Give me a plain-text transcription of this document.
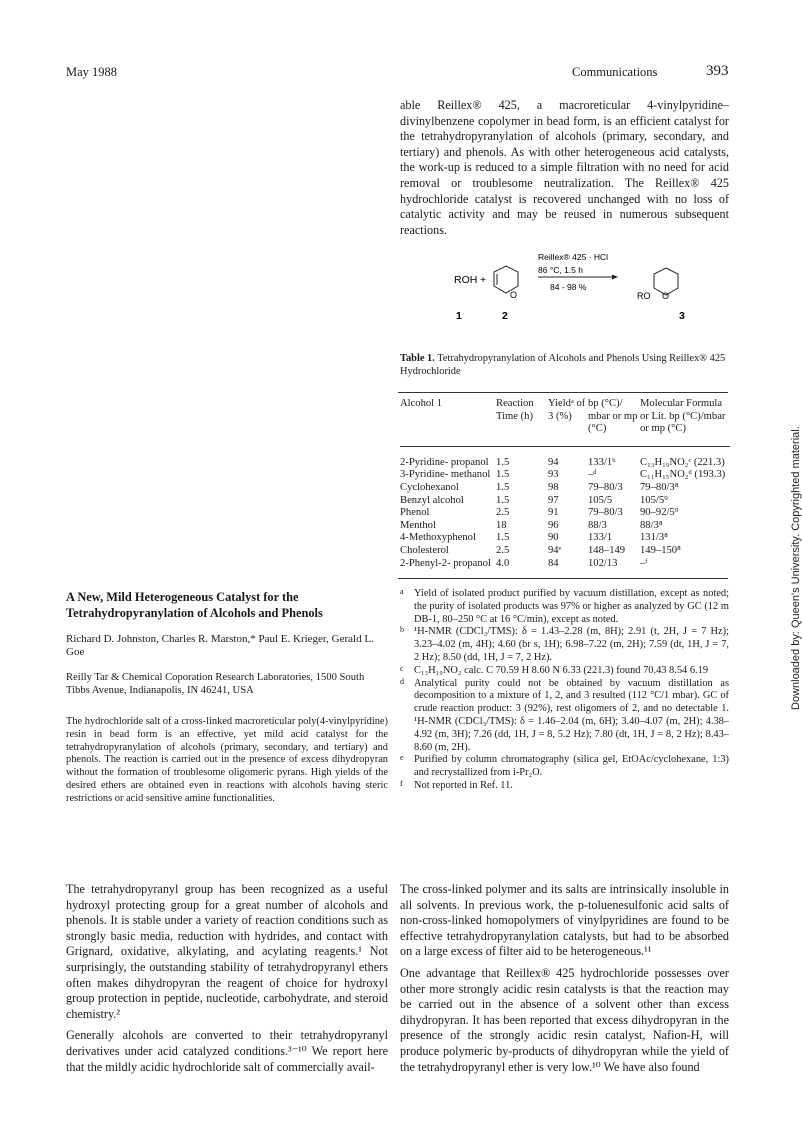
May 1988	Communications	393
Downloaded by: Queen's University. Copyrighted material.
able Reillex® 425, a macroreticular 4-vinylpyridine–divinylbenzene copolymer in bead form, is an efficient catalyst for the tetrahydropyranylation of alcohols (primary, secondary, and tertiary) and phenols. As with other heterogeneous acid catalysts, the work-up is reduced to a simple filtration with no need for acid removal or troublesome neutralization. The Reillex® 425 hydrochloride catalyst is recovered unchanged with no loss of catalytic activity and may be reused in numerous subsequent reactions.
ROH +
O
Reillex® 425 · HCl
86 °C, 1.5 h
84 - 98 %
RO O
1	2	3
Table 1. Tetrahydropyranylation of Alcohols and Phenols Using Reillex® 425 Hydrochloride
Alcohol 1	Reaction Time (h)	Yieldᵃ of 3 (%)	bp (°C)/ mbar or mp (°C)	Molecular Formula or Lit. bp (°C)/mbar or mp (°C)

2-Pyridine- propanol	1.5	94	133/1ᵇ	C₁₃H₁₉NO₂ᶜ (221.3)
3-Pyridine- methanol	1.5	93	–ᵈ	C₁₁H₁₅NO₂ᵈ (193.3)
Cyclohexanol	1.5	98	79–80/3	79–80/3⁸
Benzyl alcohol	1.5	97	105/5	105/5⁹
Phenol	2.5	91	79–80/3	90–92/5⁹
Menthol	18	96	88/3	88/3⁸
4-Methoxyphenol	1.5	90	133/1	131/3⁸
Cholesterol	2.5	94ᵉ	148–149	149–150⁸
2-Phenyl-2- propanol	4.0	84	102/13	–ᶠ
a Yield of isolated product purified by vacuum distillation, except as noted; the purity of isolated products was 97% or higher as analyzed by GC (12 m DB-1, 80–250 °C at 16 °C/min), except as noted.
b ¹H-NMR (CDCl₃/TMS): δ = 1.43–2.28 (m, 8H); 2.91 (t, 2H, J = 7 Hz); 3.23–4.02 (m, 4H); 4.60 (br s, 1H); 6.98–7.22 (m, 2H); 7.59 (dt, 1H, J = 7, 2 Hz); 8.50 (dd, 1H, J = 7, 2 Hz).
c C₁₃H₁₉NO₂ calc. C 70.59 H 8.60 N 6.33 (221.3) found 70.43 8.54 6.19
d Analytical purity could not be obtained by vacuum distillation as decomposition to a mixture of 1, 2, and 3 resulted (112 °C/1 mbar). GC of crude reaction product: 3 (92%), rest oligomers of 2, and no detectable 1. ¹H-NMR (CDCl₃/TMS): δ = 1.46–2.04 (m, 6H); 3.40–4.07 (m, 2H); 4.38–4.92 (m, 3H); 7.26 (dd, 1H, J = 8, 5.2 Hz); 7.80 (dt, 1H, J = 8, 2 Hz); 8.43–8.60 (m, 2H).
e Purified by column chromatography (silica gel, EtOAc/cyclohexane, 1:3) and recrystallized from i-Pr₂O.
f Not reported in Ref. 11.
A New, Mild Heterogeneous Catalyst for the Tetrahydropyranylation of Alcohols and Phenols
Richard D. Johnston, Charles R. Marston,* Paul E. Krieger, Gerald L. Goe
Reilly Tar & Chemical Coporation Research Laboratories, 1500 South Tibbs Avenue, Indianapolis, IN 46241, USA
The hydrochloride salt of a cross-linked macroreticular poly(4-vinylpyridine) resin in bead form is an effective, yet mild acid catalyst for the tetrahydropyranylation of alcohols (primary, secondary, and tertiary) and phenols. The reaction is carried out in the presence of excess dihydropyran without the formation of troublesome oligomeric pyrans. High yields of the desired ethers are obtained even in reactions with alcohols having steric restrictions or acid sensitive amine functionalities.

The tetrahydropyranyl group has been recognized as a useful hydroxyl protecting group for a great number of alcohols and phenols. It is stable under a variety of reaction conditions such as strongly basic media, reduction with hydrides, and contact with Grignard, oxidative, alkylating, and acylating reagents.¹ Not surprisingly, the outstanding stability of tetrahydropyranyl ethers often makes dihydropyran the reagent of choice for hydroxyl group protection in peptide, nucleotide, carbohydrate, and steroid chemistry.²

Generally alcohols are converted to their tetrahydropyranyl derivatives under acid catalyzed conditions.³⁻¹⁰ We report here that the mildly acidic hydrochloride salt of commercially avail-

The cross-linked polymer and its salts are intrinsically insoluble in all solvents. In previous work, the p-toluenesulfonic acid salts of non-cross-linked homopolymers of vinylpyridines are found to be effective tetrahydropyranylation catalysts, but had to be absorbed on a large excess of filter aid to be heterogeneous.¹¹

One advantage that Reillex® 425 hydrochloride possesses over other more strongly acidic resin catalysts is that the reaction may be carried out in the absence of a solvent other than excess dihydropyran. It has been reported that excess dihydropyran in the presence of the strongly acidic resin catalyst, Nafion-H, will produce polymeric by-products of dihydropyran while the yield of the tetrahydropyranyl ether is very low.¹⁰ We have also found
